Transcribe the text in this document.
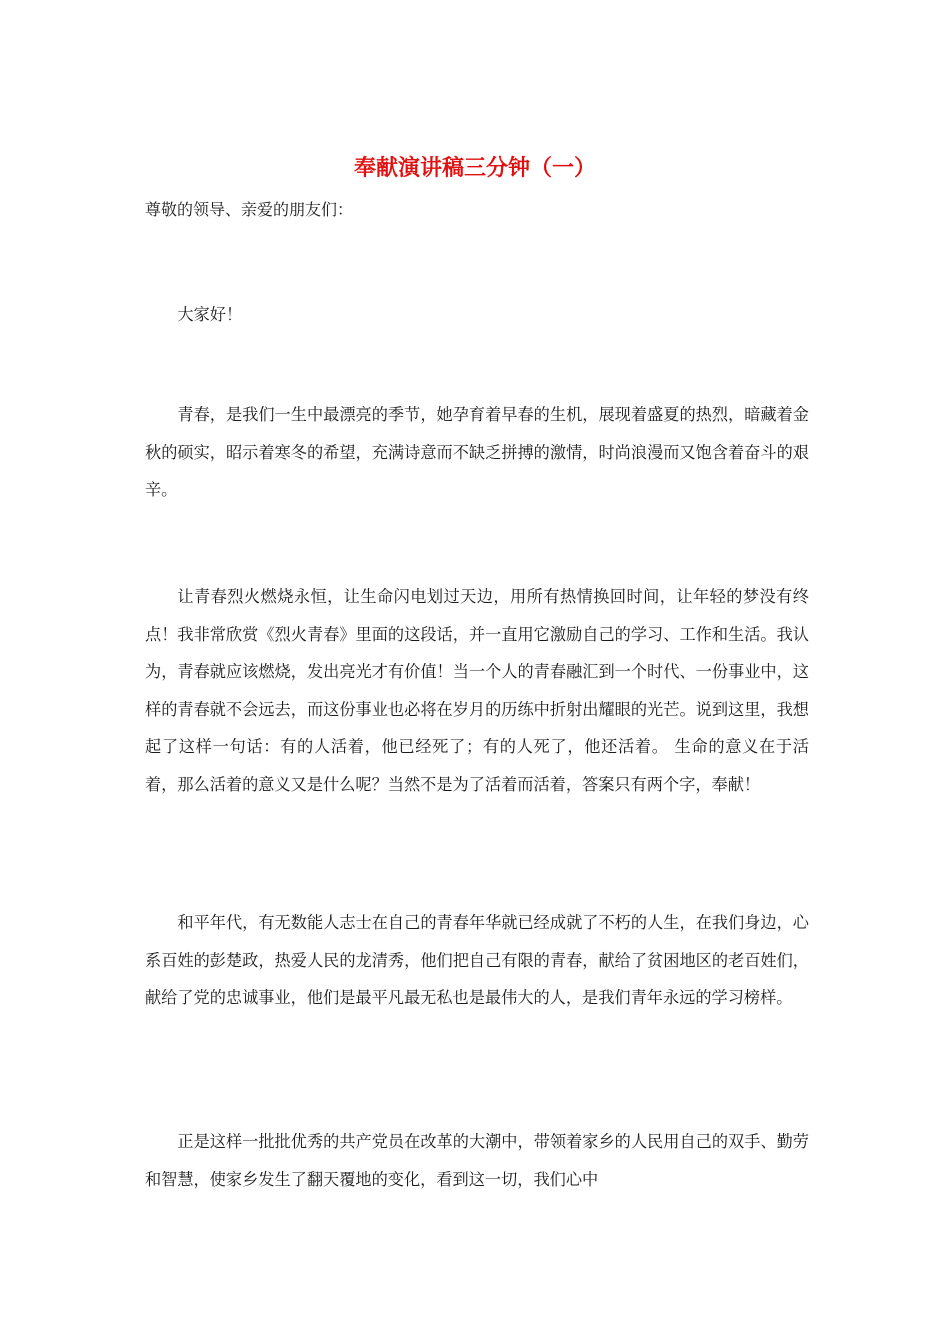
奉献演讲稿三分钟（一）

尊敬的领导、亲爱的朋友们：

大家好！

青春，是我们一生中最漂亮的季节，她孕育着早春的生机，展现着盛夏的热烈，暗藏着金秋的硕实，昭示着寒冬的希望，充满诗意而不缺乏拼搏的激情，时尚浪漫而又饱含着奋斗的艰辛。

让青春烈火燃烧永恒，让生命闪电划过天边，用所有热情换回时间，让年轻的梦没有终点！我非常欣赏《烈火青春》里面的这段话，并一直用它激励自己的学习、工作和生活。我认为，青春就应该燃烧，发出亮光才有价值！当一个人的青春融汇到一个时代、一份事业中，这样的青春就不会远去，而这份事业也必将在岁月的历练中折射出耀眼的光芒。说到这里，我想起了这样一句话：有的人活着，他已经死了；有的人死了，他还活着。 生命的意义在于活着，那么活着的意义又是什么呢？当然不是为了活着而活着，答案只有两个字，奉献！

和平年代，有无数能人志士在自己的青春年华就已经成就了不朽的人生，在我们身边，心系百姓的彭楚政，热爱人民的龙清秀，他们把自己有限的青春，献给了贫困地区的老百姓们，献给了党的忠诚事业，他们是最平凡最无私也是最伟大的人，是我们青年永远的学习榜样。

正是这样一批批优秀的共产党员在改革的大潮中，带领着家乡的人民用自己的双手、勤劳和智慧，使家乡发生了翻天覆地的变化，看到这一切，我们心中
